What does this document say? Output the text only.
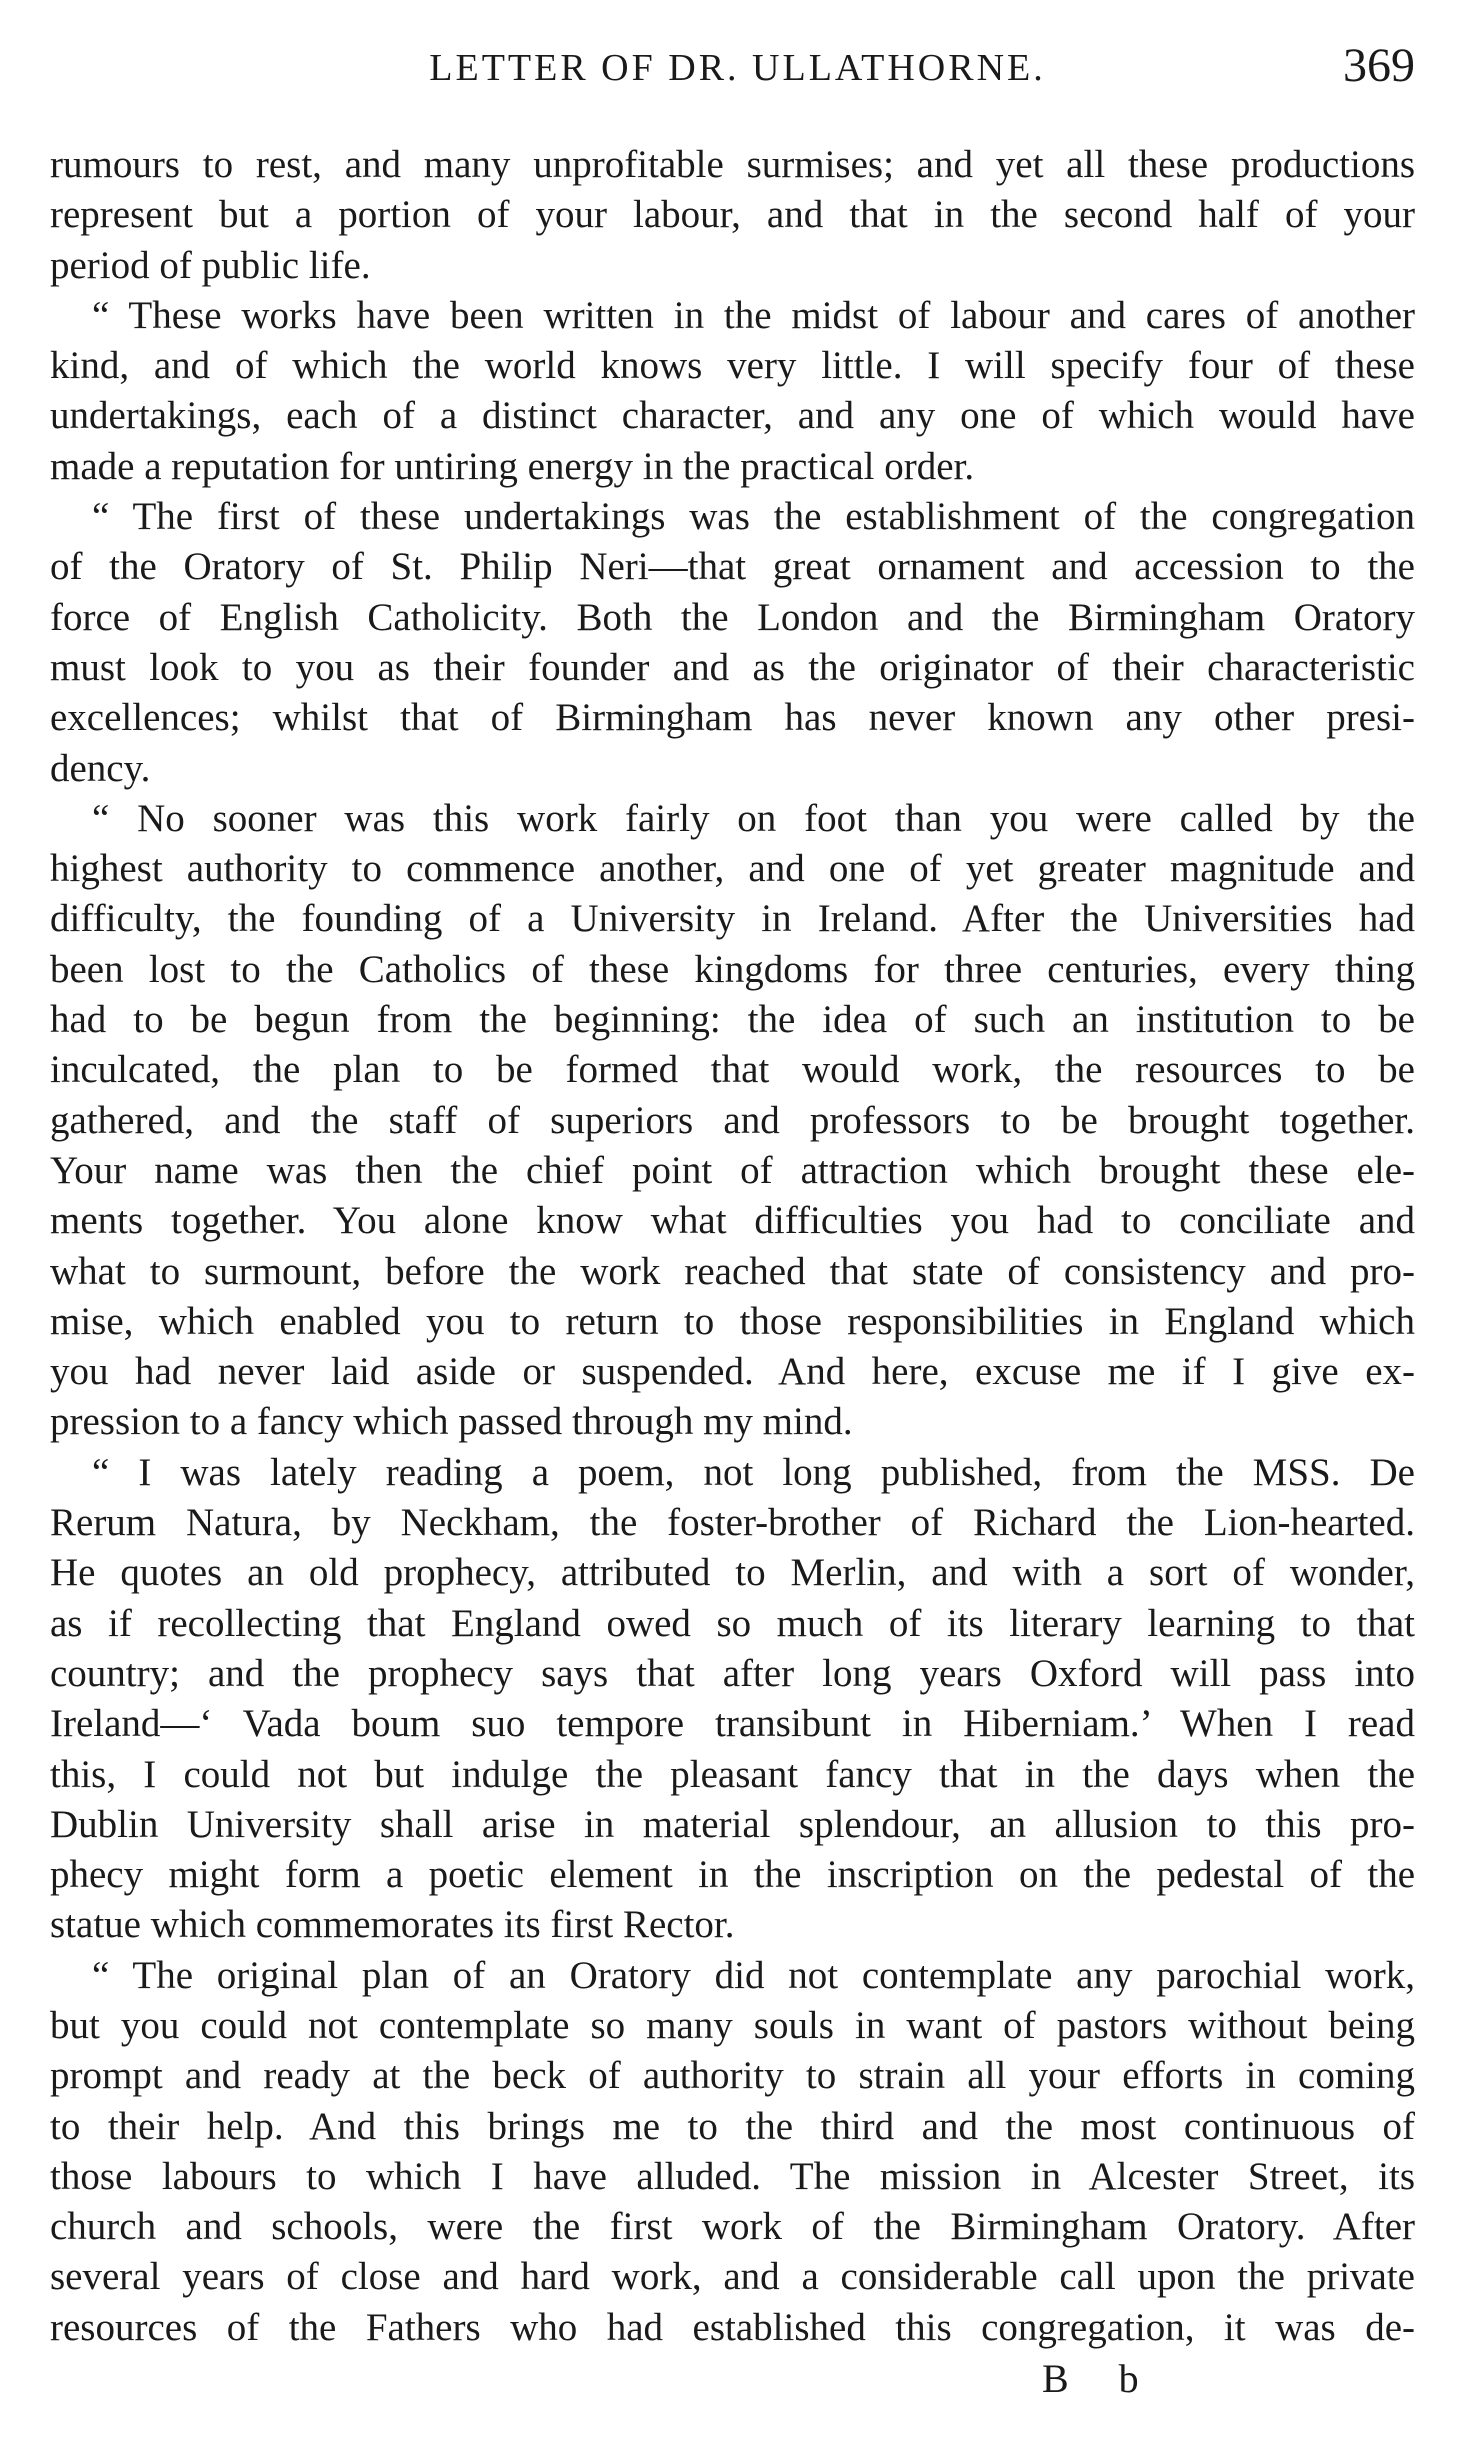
LETTER OF DR. ULLATHORNE.	369
rumours to rest, and many unprofitable surmises; and yet all these productions
represent but a portion of your labour, and that in the second half of your
period of public life.
“ These works have been written in the midst of labour and cares of another
kind, and of which the world knows very little. I will specify four of these
undertakings, each of a distinct character, and any one of which would have
made a reputation for untiring energy in the practical order.
“ The first of these undertakings was the establishment of the congregation
of the Oratory of St. Philip Neri—that great ornament and accession to the
force of English Catholicity. Both the London and the Birmingham Oratory
must look to you as their founder and as the originator of their characteristic
excellences; whilst that of Birmingham has never known any other presi-
dency.
“ No sooner was this work fairly on foot than you were called by the
highest authority to commence another, and one of yet greater magnitude and
difficulty, the founding of a University in Ireland. After the Universities had
been lost to the Catholics of these kingdoms for three centuries, every thing
had to be begun from the beginning: the idea of such an institution to be
inculcated, the plan to be formed that would work, the resources to be
gathered, and the staff of superiors and professors to be brought together.
Your name was then the chief point of attraction which brought these ele-
ments together. You alone know what difficulties you had to conciliate and
what to surmount, before the work reached that state of consistency and pro-
mise, which enabled you to return to those responsibilities in England which
you had never laid aside or suspended. And here, excuse me if I give ex-
pression to a fancy which passed through my mind.
“ I was lately reading a poem, not long published, from the MSS. De
Rerum Natura, by Neckham, the foster-brother of Richard the Lion-hearted.
He quotes an old prophecy, attributed to Merlin, and with a sort of wonder,
as if recollecting that England owed so much of its literary learning to that
country; and the prophecy says that after long years Oxford will pass into
Ireland—‘ Vada boum suo tempore transibunt in Hiberniam.’ When I read
this, I could not but indulge the pleasant fancy that in the days when the
Dublin University shall arise in material splendour, an allusion to this pro-
phecy might form a poetic element in the inscription on the pedestal of the
statue which commemorates its first Rector.
“ The original plan of an Oratory did not contemplate any parochial work,
but you could not contemplate so many souls in want of pastors without being
prompt and ready at the beck of authority to strain all your efforts in coming
to their help. And this brings me to the third and the most continuous of
those labours to which I have alluded. The mission in Alcester Street, its
church and schools, were the first work of the Birmingham Oratory. After
several years of close and hard work, and a considerable call upon the private
resources of the Fathers who had established this congregation, it was de-
B b
